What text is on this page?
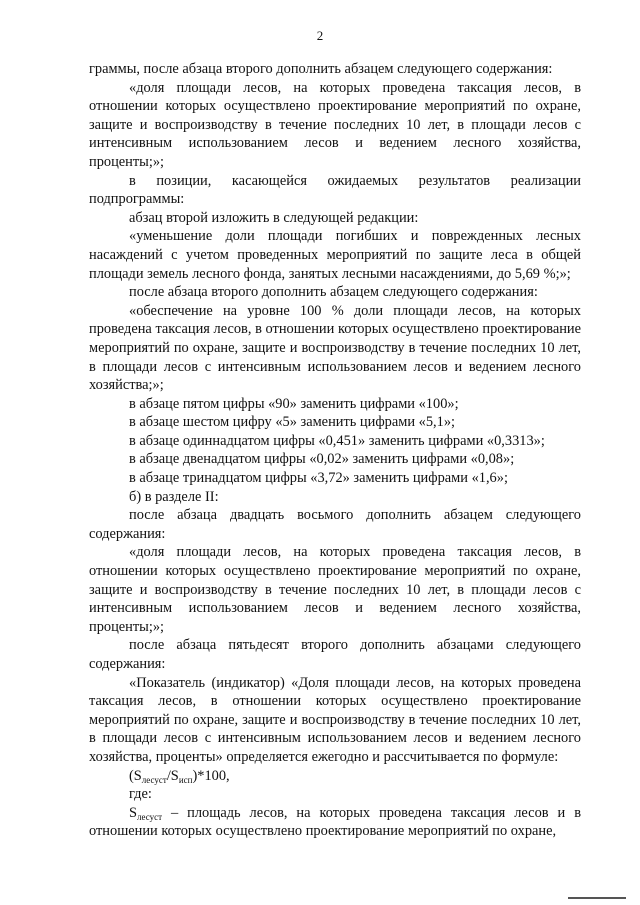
2

граммы, после абзаца второго дополнить абзацем следующего содержания:

«доля площади лесов, на которых проведена таксация лесов, в отношении которых осуществлено проектирование мероприятий по охране, защите и воспроизводству в течение последних 10 лет, в площади лесов с интенсивным использованием лесов и ведением лесного хозяйства, проценты;»;

в позиции, касающейся ожидаемых результатов реализации подпрограммы:

абзац второй изложить в следующей редакции:

«уменьшение доли площади погибших и поврежденных лесных насаждений с учетом проведенных мероприятий по защите леса в общей площади земель лесного фонда, занятых лесными насаждениями, до 5,69 %;»;

после абзаца второго дополнить абзацем следующего содержания:

«обеспечение на уровне 100 % доли площади лесов, на которых проведена таксация лесов, в отношении которых осуществлено проектирование мероприятий по охране, защите и воспроизводству в течение последних 10 лет, в площади лесов с интенсивным использованием лесов и ведением лесного хозяйства;»;

в абзаце пятом цифры «90» заменить цифрами «100»;

в абзаце шестом цифру «5» заменить цифрами «5,1»;

в абзаце одиннадцатом цифры «0,451» заменить цифрами «0,3313»;

в абзаце двенадцатом цифры «0,02» заменить цифрами «0,08»;

в абзаце тринадцатом цифры «3,72» заменить цифрами «1,6»;

б) в разделе II:

после абзаца двадцать восьмого дополнить абзацем следующего содержания:

«доля площади лесов, на которых проведена таксация лесов, в отношении которых осуществлено проектирование мероприятий по охране, защите и воспроизводству в течение последних 10 лет, в площади лесов с интенсивным использованием лесов и ведением лесного хозяйства, проценты;»;

после абзаца пятьдесят второго дополнить абзацами следующего содержания:

«Показатель (индикатор) «Доля площади лесов, на которых проведена таксация лесов, в отношении которых осуществлено проектирование мероприятий по охране, защите и воспроизводству в течение последних 10 лет, в площади лесов с интенсивным использованием лесов и ведением лесного хозяйства, проценты» определяется ежегодно и рассчитывается по формуле:

$(S_{лесуст}/S_{исп})*100$,

где:

$S_{лесуст}$ – площадь лесов, на которых проведена таксация лесов и в отношении которых осуществлено проектирование мероприятий по охране,
